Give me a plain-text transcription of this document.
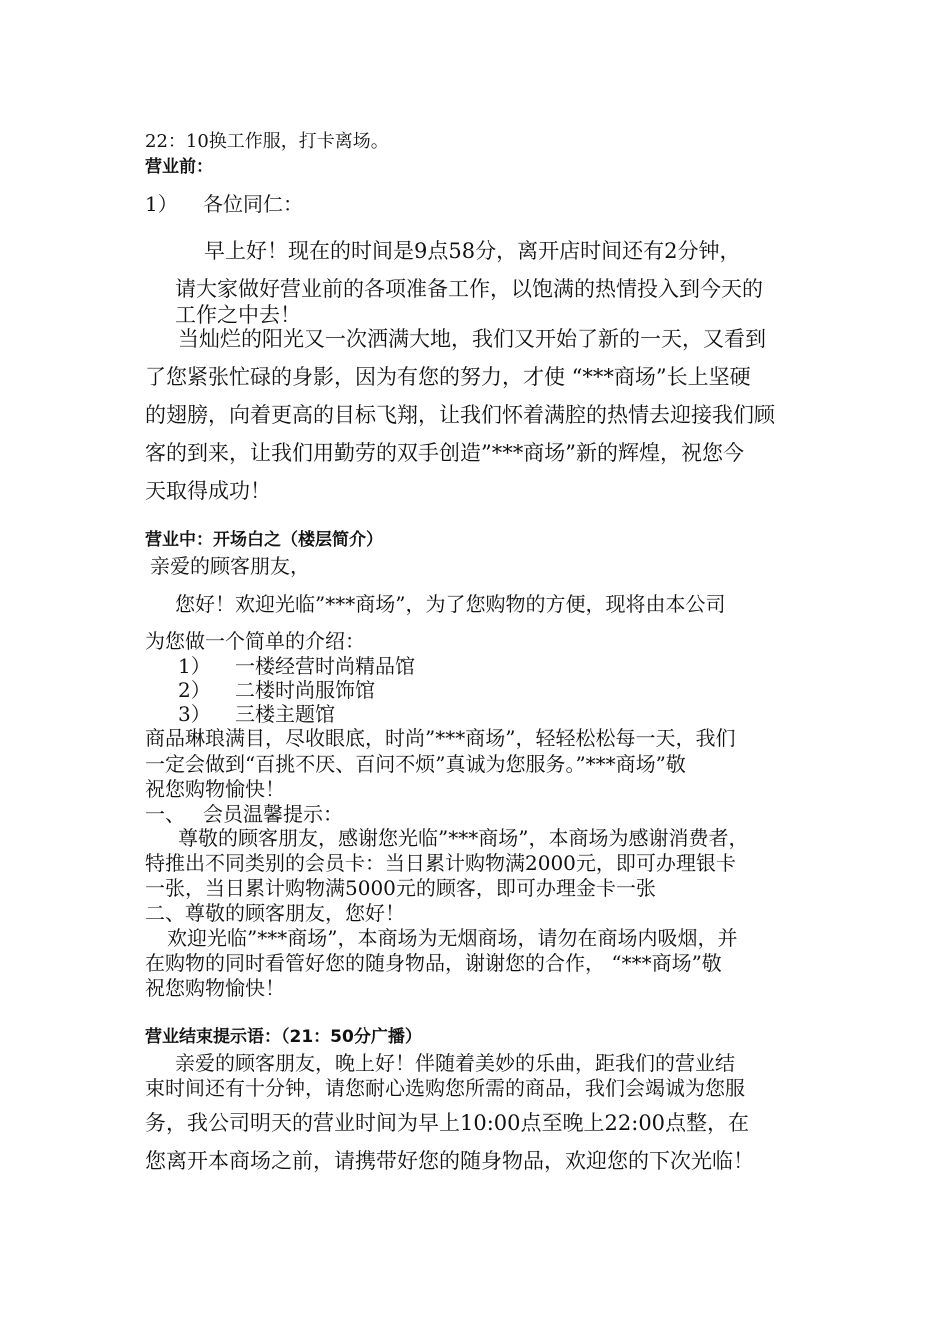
22：10换工作服，打卡离场。

营业前：

1） 各位同仁：

早上好！现在的时间是9点58分，离开店时间还有2分钟，

请大家做好营业前的各项准备工作，以饱满的热情投入到今天的

工作之中去！

当灿烂的阳光又一次洒满大地，我们又开始了新的一天，又看到

了您紧张忙碌的身影，因为有您的努力，才使 “***商场”长上坚硬

的翅膀，向着更高的目标飞翔，让我们怀着满腔的热情去迎接我们顾

客的到来，让我们用勤劳的双手创造”***商场”新的辉煌，祝您今

天取得成功！

营业中：开场白之（楼层简介）

亲爱的顾客朋友，

您好！欢迎光临”***商场”，为了您购物的方便，现将由本公司

为您做一个简单的介绍：

1） 一楼经营时尚精品馆

2） 二楼时尚服饰馆

3） 三楼主题馆

商品琳琅满目，尽收眼底，时尚”***商场”，轻轻松松每一天，我们

一定会做到“百挑不厌、百问不烦”真诚为您服务。”***商场”敬

祝您购物愉快！

一、 会员温馨提示：

尊敬的顾客朋友，感谢您光临”***商场”，本商场为感谢消费者，

特推出不同类别的会员卡：当日累计购物满2000元，即可办理银卡

一张，当日累计购物满5000元的顾客，即可办理金卡一张

二、尊敬的顾客朋友，您好！

欢迎光临”***商场”，本商场为无烟商场，请勿在商场内吸烟，并

在购物的同时看管好您的随身物品，谢谢您的合作， “***商场”敬

祝您购物愉快！

营业结束提示语：（21：50分广播）

亲爱的顾客朋友，晚上好！伴随着美妙的乐曲，距我们的营业结

束时间还有十分钟，请您耐心选购您所需的商品，我们会竭诚为您服

务，我公司明天的营业时间为早上10:00点至晚上22:00点整，在

您离开本商场之前，请携带好您的随身物品，欢迎您的下次光临！
